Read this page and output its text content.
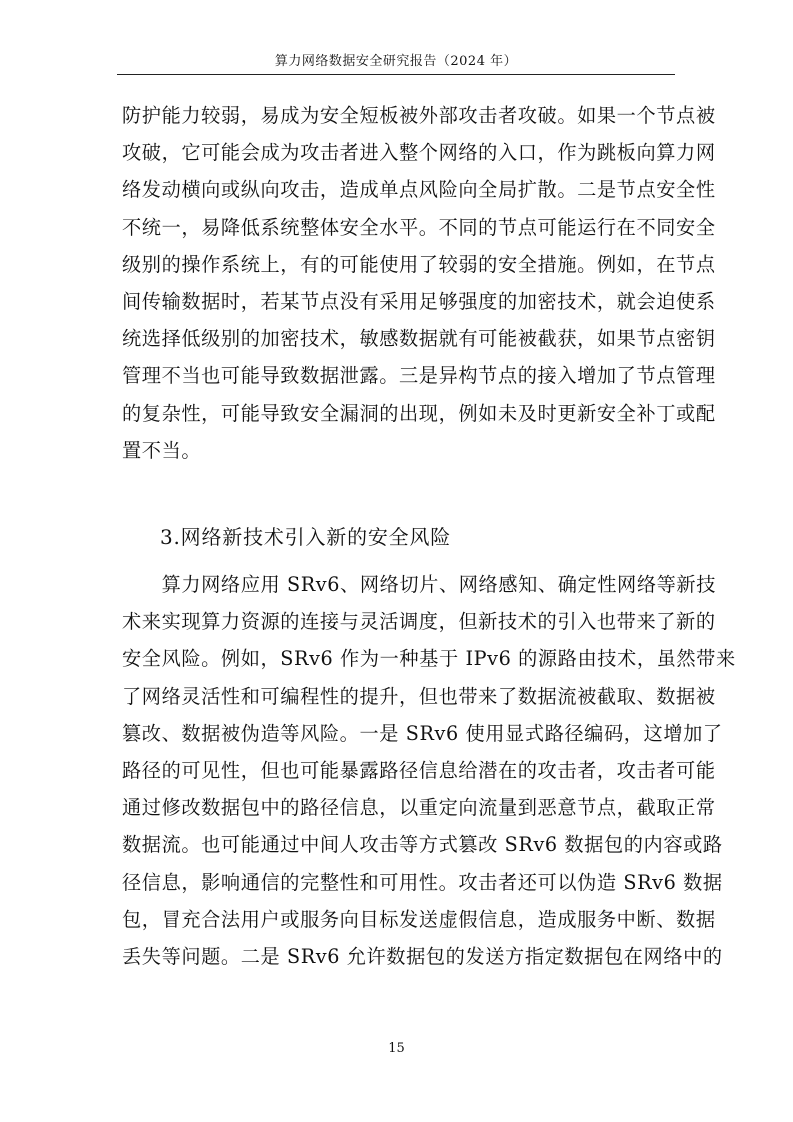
算力网络数据安全研究报告（2024 年）
防护能力较弱，易成为安全短板被外部攻击者攻破。如果一个节点被
攻破，它可能会成为攻击者进入整个网络的入口，作为跳板向算力网
络发动横向或纵向攻击，造成单点风险向全局扩散。二是节点安全性
不统一，易降低系统整体安全水平。不同的节点可能运行在不同安全
级别的操作系统上，有的可能使用了较弱的安全措施。例如，在节点
间传输数据时，若某节点没有采用足够强度的加密技术，就会迫使系
统选择低级别的加密技术，敏感数据就有可能被截获，如果节点密钥
管理不当也可能导致数据泄露。三是异构节点的接入增加了节点管理
的复杂性，可能导致安全漏洞的出现，例如未及时更新安全补丁或配
置不当。
3.网络新技术引入新的安全风险
　　算力网络应用 SRv6、网络切片、网络感知、确定性网络等新技
术来实现算力资源的连接与灵活调度，但新技术的引入也带来了新的
安全风险。例如，SRv6 作为一种基于 IPv6 的源路由技术，虽然带来
了网络灵活性和可编程性的提升，但也带来了数据流被截取、数据被
篡改、数据被伪造等风险。一是 SRv6 使用显式路径编码，这增加了
路径的可见性，但也可能暴露路径信息给潜在的攻击者，攻击者可能
通过修改数据包中的路径信息，以重定向流量到恶意节点，截取正常
数据流。也可能通过中间人攻击等方式篡改 SRv6 数据包的内容或路
径信息，影响通信的完整性和可用性。攻击者还可以伪造 SRv6 数据
包，冒充合法用户或服务向目标发送虚假信息，造成服务中断、数据
丢失等问题。二是 SRv6 允许数据包的发送方指定数据包在网络中的
15
